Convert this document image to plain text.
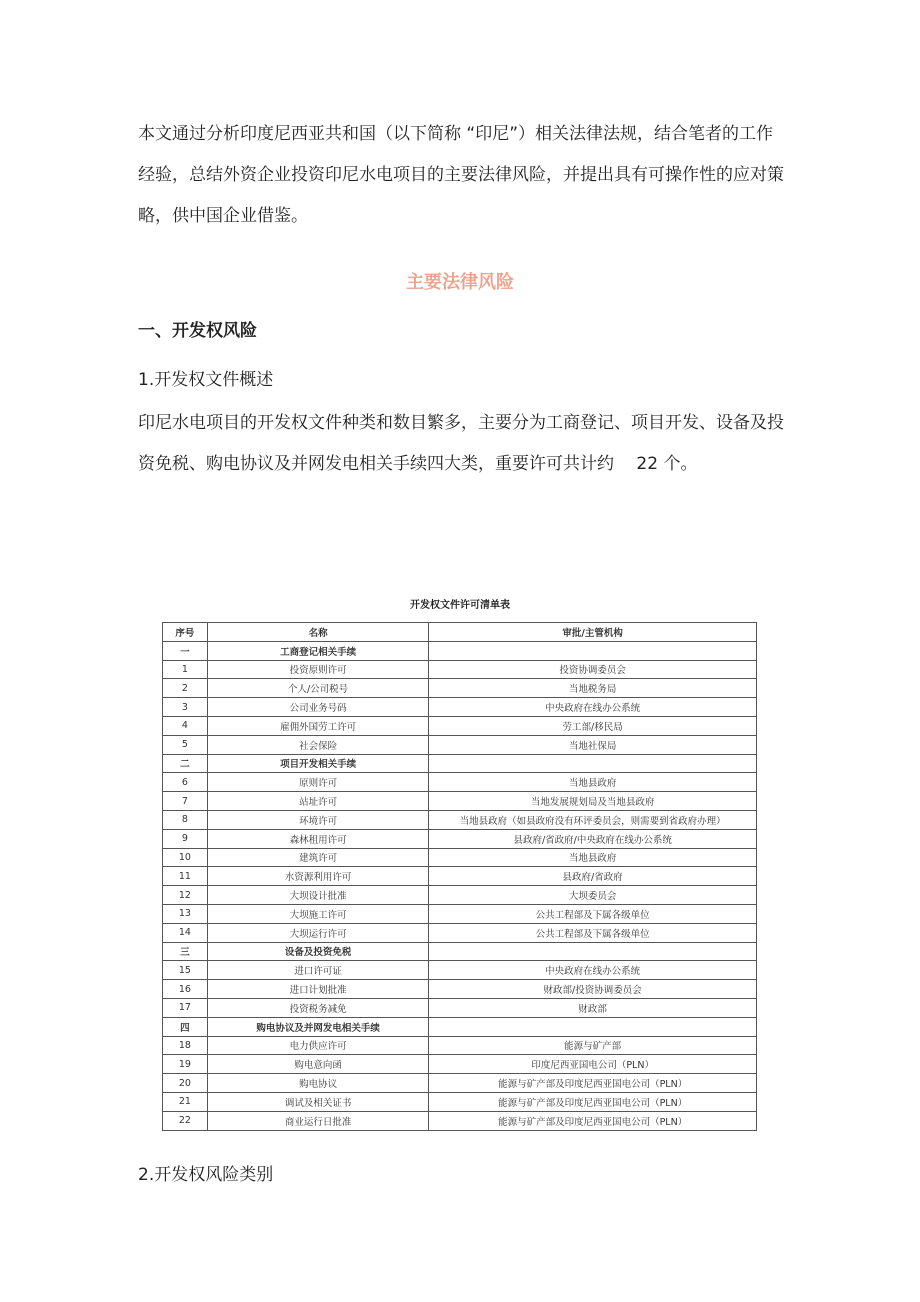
本文通过分析印度尼西亚共和国（以下简称 “印尼”）相关法律法规，结合笔者的工作
经验，总结外资企业投资印尼水电项目的主要法律风险，并提出具有可操作性的应对策
略，供中国企业借鉴。

主要法律风险
一、开发权风险

1.开发权文件概述

印尼水电项目的开发权文件种类和数目繁多，主要分为工商登记、项目开发、设备及投
资免税、购电协议及并网发电相关手续四大类，重要许可共计约　 22 个。

开发权文件许可清单表

序号	名称	审批/主管机构
一	工商登记相关手续	
1	投资原则许可	投资协调委员会
2	个人/公司税号	当地税务局
3	公司业务号码	中央政府在线办公系统
4	雇佣外国劳工许可	劳工部/移民局
5	社会保险	当地社保局
二	项目开发相关手续	
6	原则许可	当地县政府
7	站址许可	当地发展规划局及当地县政府
8	环境许可	当地县政府（如县政府没有环评委员会，则需要到省政府办理）
9	森林租用许可	县政府/省政府/中央政府在线办公系统
10	建筑许可	当地县政府
11	水资源利用许可	县政府/省政府
12	大坝设计批准	大坝委员会
13	大坝施工许可	公共工程部及下属各级单位
14	大坝运行许可	公共工程部及下属各级单位
三	设备及投资免税	
15	进口许可证	中央政府在线办公系统
16	进口计划批准	财政部/投资协调委员会
17	投资税务减免	财政部
四	购电协议及并网发电相关手续	
18	电力供应许可	能源与矿产部
19	购电意向函	印度尼西亚国电公司（PLN）
20	购电协议	能源与矿产部及印度尼西亚国电公司（PLN）
21	调试及相关证书	能源与矿产部及印度尼西亚国电公司（PLN）
22	商业运行日批准	能源与矿产部及印度尼西亚国电公司（PLN）

2.开发权风险类别
